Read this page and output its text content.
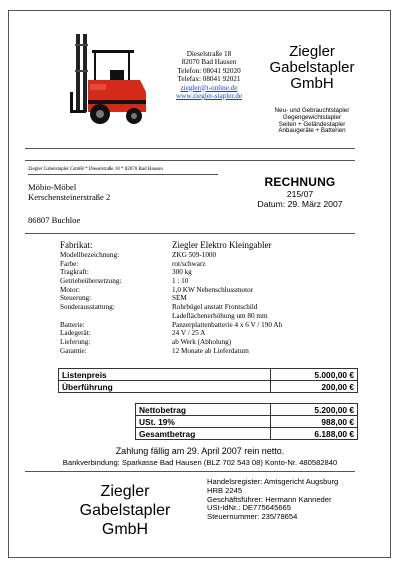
Dieselstraße 18
82070 Bad Hausen
Telefon: 08041 92020
Telefax: 08041 92021
ziegler@t-online.de
www.ziegler-stapler.de
Ziegler
Gabelstapler
GmbH
Neu- und Gebrauchtstapler
Gegengewichtstapler
Seiten + Geländestapler
Anbaugeräte + Batterien
Ziegler Gabelstapler GmbH * Dieselstraße 18 * 82070 Bad Hausen
Möbio-Möbel
Kerschensteinerstraße 2
86807 Buchloe
RECHNUNG
215/07
Datum: 29. März 2007
Fabrikat:	Ziegler Elektro Kleingabler
Modellbezeichnung:	ZKG 509-1000
Farbe:	rot/schwarz
Tragkraft:	300 kg
Getriebeübersetzung:	1 : 10
Motor:	1,0 KW Nebenschlussmotor
Steuerung:	SEM
Sonderausstattung:	Rohrbügel anstatt Frontschild
Ladeflächenerhöhung um 80 mm
Batterie:	Panzerplattenbatterie 4 x 6 V / 190 Ah
Ladegerät:	24 V / 25 A
Lieferung:	ab Werk (Abholung)
Garantie:	12 Monate ab Lieferdatum
Listenpreis	5.000,00 €
Überführung	200,00 €
Nettobetrag	5.200,00 €
USt. 19%	988,00 €
Gesamtbetrag	6.188,00 €
Zahlung fällig am 29. April 2007 rein netto.
Bankverbindung: Sparkasse Bad Hausen (BLZ 702 543 08) Konto-Nr. 480582840
Ziegler
Gabelstapler GmbH
Handelsregister: Amtsgericht Augsburg
HRB 2245
Geschäftsführer: Hermann Kanneder
USt-IdNr.: DE775645665
Steuernummer: 235/78654
